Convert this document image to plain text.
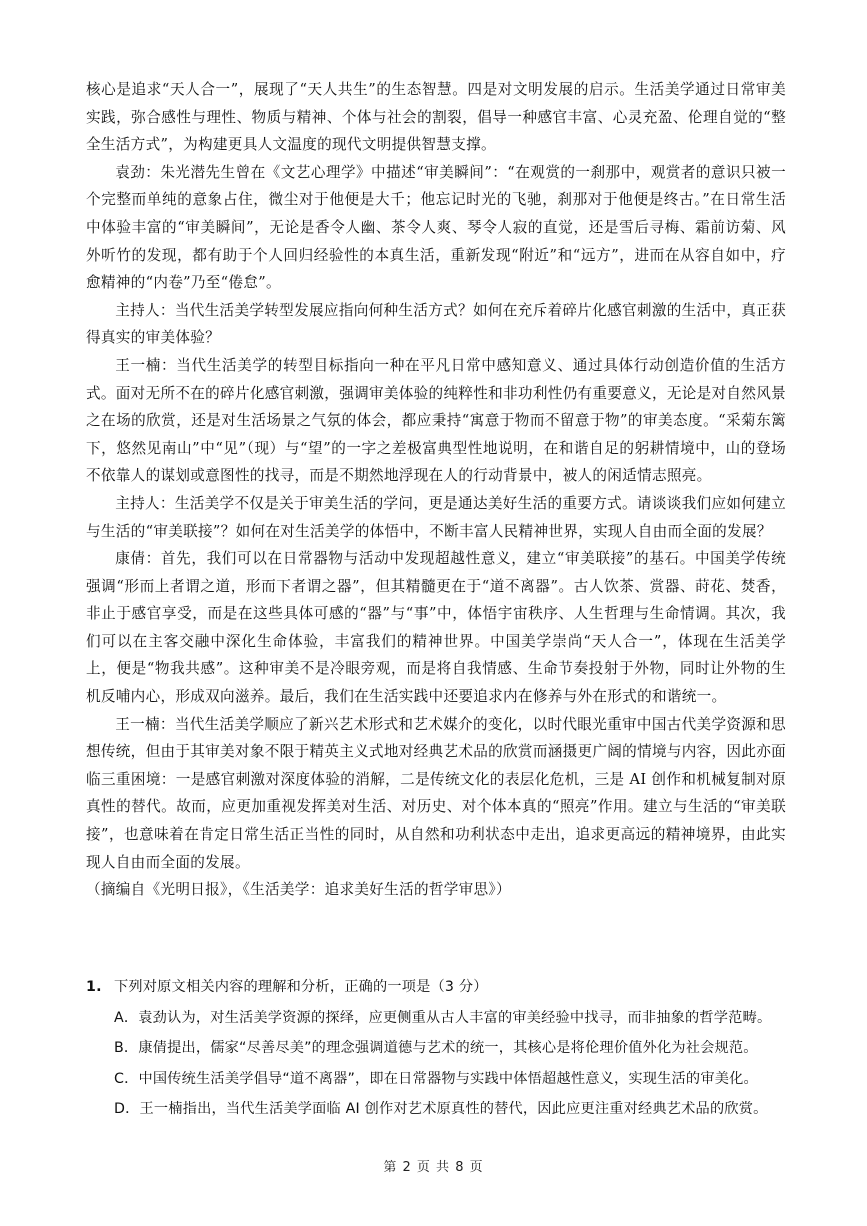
核心是追求“天人合一”，展现了“天人共生”的生态智慧。四是对文明发展的启示。生活美学通过日常审美实践，弥合感性与理性、物质与精神、个体与社会的割裂，倡导一种感官丰富、心灵充盈、伦理自觉的“整全生活方式”，为构建更具人文温度的现代文明提供智慧支撑。

袁劲：朱光潜先生曾在《文艺心理学》中描述“审美瞬间”：“在观赏的一刹那中，观赏者的意识只被一个完整而单纯的意象占住，微尘对于他便是大千；他忘记时光的飞驰，刹那对于他便是终古。”在日常生活中体验丰富的“审美瞬间”，无论是香令人幽、茶令人爽、琴令人寂的直觉，还是雪后寻梅、霜前访菊、风外听竹的发现，都有助于个人回归经验性的本真生活，重新发现“附近”和“远方”，进而在从容自如中，疗愈精神的“内卷”乃至“倦怠”。

主持人：当代生活美学转型发展应指向何种生活方式？如何在充斥着碎片化感官刺激的生活中，真正获得真实的审美体验？

王一楠：当代生活美学的转型目标指向一种在平凡日常中感知意义、通过具体行动创造价值的生活方式。面对无所不在的碎片化感官刺激，强调审美体验的纯粹性和非功利性仍有重要意义，无论是对自然风景之在场的欣赏，还是对生活场景之气氛的体会，都应秉持“寓意于物而不留意于物”的审美态度。“采菊东篱下，悠然见南山”中“见”（现）与“望”的一字之差极富典型性地说明，在和谐自足的躬耕情境中，山的登场不依靠人的谋划或意图性的找寻，而是不期然地浮现在人的行动背景中，被人的闲适情志照亮。

主持人：生活美学不仅是关于审美生活的学问，更是通达美好生活的重要方式。请谈谈我们应如何建立与生活的“审美联接”？如何在对生活美学的体悟中，不断丰富人民精神世界，实现人自由而全面的发展？

康倩：首先，我们可以在日常器物与活动中发现超越性意义，建立“审美联接”的基石。中国美学传统强调“形而上者谓之道，形而下者谓之器”，但其精髓更在于“道不离器”。古人饮茶、赏器、莳花、焚香，非止于感官享受，而是在这些具体可感的“器”与“事”中，体悟宇宙秩序、人生哲理与生命情调。其次，我们可以在主客交融中深化生命体验，丰富我们的精神世界。中国美学崇尚“天人合一”，体现在生活美学上，便是“物我共感”。这种审美不是冷眼旁观，而是将自我情感、生命节奏投射于外物，同时让外物的生机反哺内心，形成双向滋养。最后，我们在生活实践中还要追求内在修养与外在形式的和谐统一。

王一楠：当代生活美学顺应了新兴艺术形式和艺术媒介的变化，以时代眼光重审中国古代美学资源和思想传统，但由于其审美对象不限于精英主义式地对经典艺术品的欣赏而涵摄更广阔的情境与内容，因此亦面临三重困境：一是感官刺激对深度体验的消解，二是传统文化的表层化危机，三是 AI 创作和机械复制对原真性的替代。故而，应更加重视发挥美对生活、对历史、对个体本真的“照亮”作用。建立与生活的“审美联接”，也意味着在肯定日常生活正当性的同时，从自然和功利状态中走出，追求更高远的精神境界，由此实现人自由而全面的发展。

（摘编自《光明日报》，《生活美学：追求美好生活的哲学审思》）

1. 下列对原文相关内容的理解和分析，正确的一项是（3 分）
A．袁劲认为，对生活美学资源的探绎，应更侧重从古人丰富的审美经验中找寻，而非抽象的哲学范畴。
B．康倩提出，儒家“尽善尽美”的理念强调道德与艺术的统一，其核心是将伦理价值外化为社会规范。
C．中国传统生活美学倡导“道不离器”，即在日常器物与实践中体悟超越性意义，实现生活的审美化。
D．王一楠指出，当代生活美学面临 AI 创作对艺术原真性的替代，因此应更注重对经典艺术品的欣赏。
第 2 页 共 8 页
